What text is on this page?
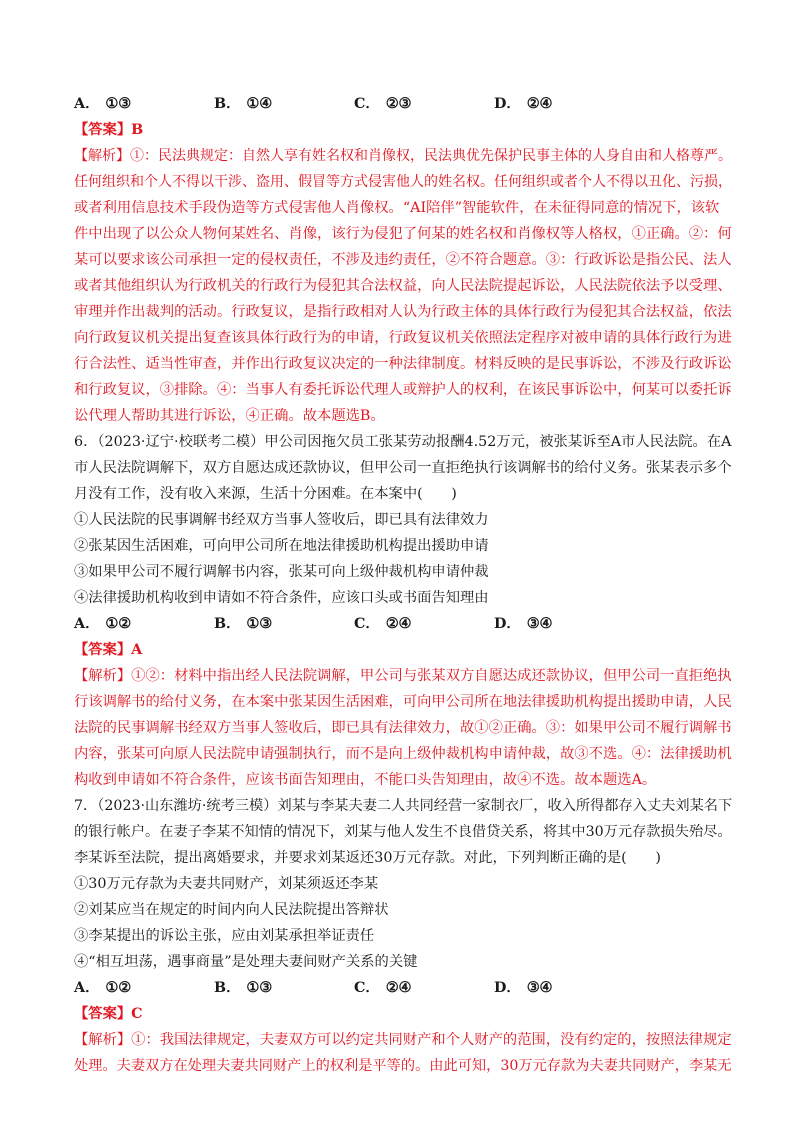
A． ①③	B． ①④	C． ②③	D． ②④
【答案】B
【解析】①：民法典规定：自然人享有姓名权和肖像权，民法典优先保护民事主体的人身自由和人格尊严。
任何组织和个人不得以干涉、盗用、假冒等方式侵害他人的姓名权。任何组织或者个人不得以丑化、污损，
或者利用信息技术手段伪造等方式侵害他人肖像权。“AI陪伴”智能软件，在未征得同意的情况下，该软
件中出现了以公众人物何某姓名、肖像，该行为侵犯了何某的姓名权和肖像权等人格权，①正确。②：何
某可以要求该公司承担一定的侵权责任，不涉及违约责任，②不符合题意。③：行政诉讼是指公民、法人
或者其他组织认为行政机关的行政行为侵犯其合法权益，向人民法院提起诉讼，人民法院依法予以受理、
审理并作出裁判的活动。行政复议，是指行政相对人认为行政主体的具体行政行为侵犯其合法权益，依法
向行政复议机关提出复查该具体行政行为的申请，行政复议机关依照法定程序对被申请的具体行政行为进
行合法性、适当性审查，并作出行政复议决定的一种法律制度。材料反映的是民事诉讼，不涉及行政诉讼
和行政复议，③排除。④：当事人有委托诉讼代理人或辩护人的权利，在该民事诉讼中，何某可以委托诉
讼代理人帮助其进行诉讼，④正确。故本题选B。
6．（2023·辽宁·校联考二模）甲公司因拖欠员工张某劳动报酬4.52万元，被张某诉至A市人民法院。在A
市人民法院调解下，双方自愿达成还款协议，但甲公司一直拒绝执行该调解书的给付义务。张某表示多个
月没有工作，没有收入来源，生活十分困难。在本案中(　　)
①人民法院的民事调解书经双方当事人签收后，即已具有法律效力
②张某因生活困难，可向甲公司所在地法律援助机构提出援助申请
③如果甲公司不履行调解书内容，张某可向上级仲裁机构申请仲裁
④法律援助机构收到申请如不符合条件，应该口头或书面告知理由
A． ①②	B． ①③	C． ②④	D． ③④
【答案】A
【解析】①②：材料中指出经人民法院调解，甲公司与张某双方自愿达成还款协议，但甲公司一直拒绝执
行该调解书的给付义务，在本案中张某因生活困难，可向甲公司所在地法律援助机构提出援助申请，人民
法院的民事调解书经双方当事人签收后，即已具有法律效力，故①②正确。③：如果甲公司不履行调解书
内容，张某可向原人民法院申请强制执行，而不是向上级仲裁机构申请仲裁，故③不选。④：法律援助机
构收到申请如不符合条件，应该书面告知理由，不能口头告知理由，故④不选。故本题选A。
7．（2023·山东潍坊·统考三模）刘某与李某夫妻二人共同经营一家制衣厂，收入所得都存入丈夫刘某名下
的银行帐户。在妻子李某不知情的情况下，刘某与他人发生不良借贷关系，将其中30万元存款损失殆尽。
李某诉至法院，提出离婚要求，并要求刘某返还30万元存款。对此，下列判断正确的是(　　)
①30万元存款为夫妻共同财产，刘某须返还李某
②刘某应当在规定的时间内向人民法院提出答辩状
③李某提出的诉讼主张，应由刘某承担举证责任
④“相互坦荡，遇事商量”是处理夫妻间财产关系的关键
A． ①②	B． ①③	C． ②④	D． ③④
【答案】C
【解析】①：我国法律规定，夫妻双方可以约定共同财产和个人财产的范围，没有约定的，按照法律规定
处理。夫妻双方在处理夫妻共同财产上的权利是平等的。由此可知，30万元存款为夫妻共同财产，李某无
